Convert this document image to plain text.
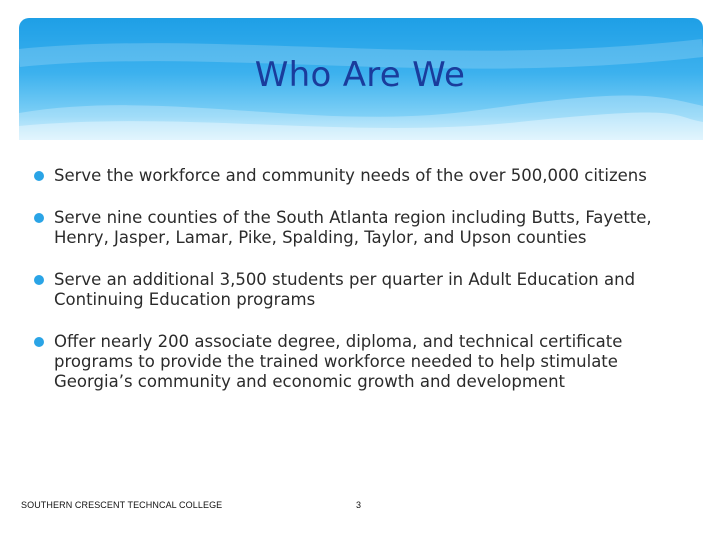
Who Are We
Serve the workforce and community needs of the over 500,000 citizens
Serve nine counties of the South Atlanta region including Butts, Fayette, Henry, Jasper, Lamar, Pike, Spalding, Taylor, and Upson counties
Serve an additional 3,500 students per quarter in Adult Education and Continuing Education programs
Offer nearly 200 associate degree, diploma, and technical certificate programs to provide the trained workforce needed to help stimulate Georgia’s community and economic growth and development
SOUTHERN CRESCENT TECHNCAL COLLEGE	3
